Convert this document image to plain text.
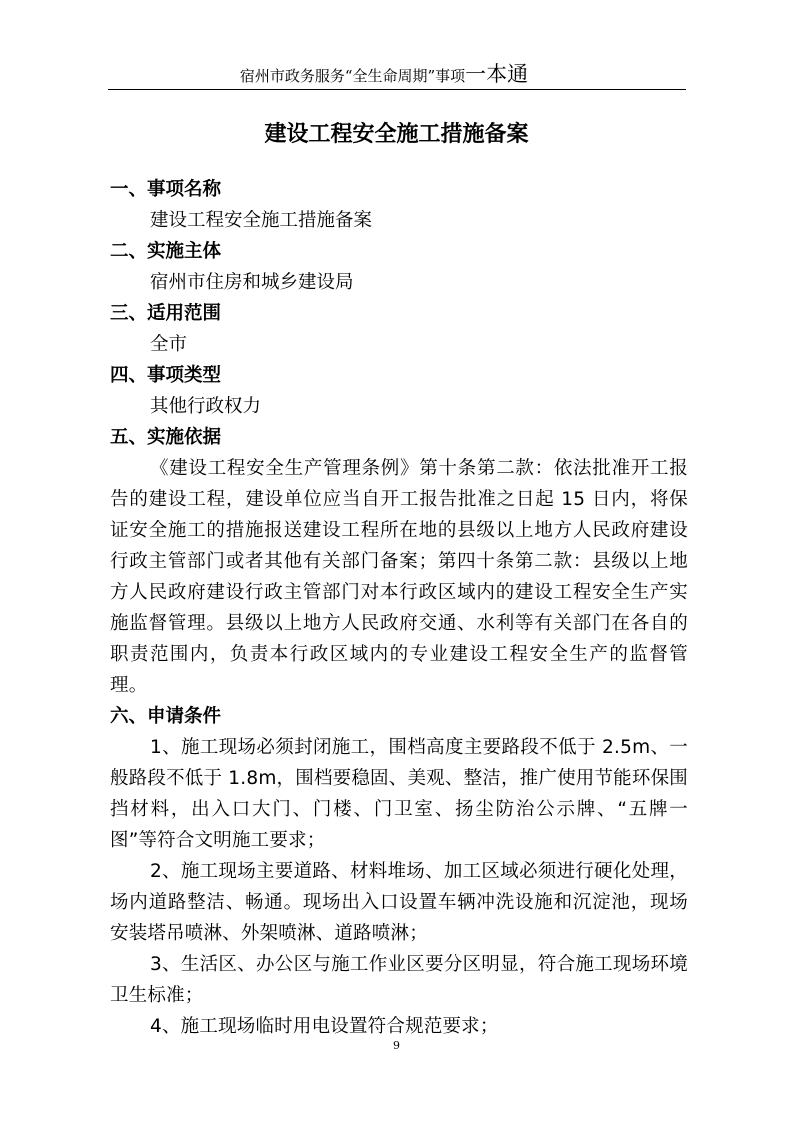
宿州市政务服务“全生命周期”事项一本通
建设工程安全施工措施备案
一、事项名称
建设工程安全施工措施备案
二、实施主体
宿州市住房和城乡建设局
三、适用范围
全市
四、事项类型
其他行政权力
五、实施依据
《建设工程安全生产管理条例》第十条第二款：依法批准开工报告的建设工程，建设单位应当自开工报告批准之日起 15 日内，将保证安全施工的措施报送建设工程所在地的县级以上地方人民政府建设行政主管部门或者其他有关部门备案；第四十条第二款：县级以上地方人民政府建设行政主管部门对本行政区域内的建设工程安全生产实施监督管理。县级以上地方人民政府交通、水利等有关部门在各自的职责范围内，负责本行政区域内的专业建设工程安全生产的监督管理。
六、申请条件
1、施工现场必须封闭施工，围档高度主要路段不低于 2.5m、一般路段不低于 1.8m，围档要稳固、美观、整洁，推广使用节能环保围挡材料，出入口大门、门楼、门卫室、扬尘防治公示牌、“五牌一图”等符合文明施工要求；
2、施工现场主要道路、材料堆场、加工区域必须进行硬化处理，场内道路整洁、畅通。现场出入口设置车辆冲洗设施和沉淀池，现场安装塔吊喷淋、外架喷淋、道路喷淋；
3、生活区、办公区与施工作业区要分区明显，符合施工现场环境卫生标准；
4、施工现场临时用电设置符合规范要求；
9
